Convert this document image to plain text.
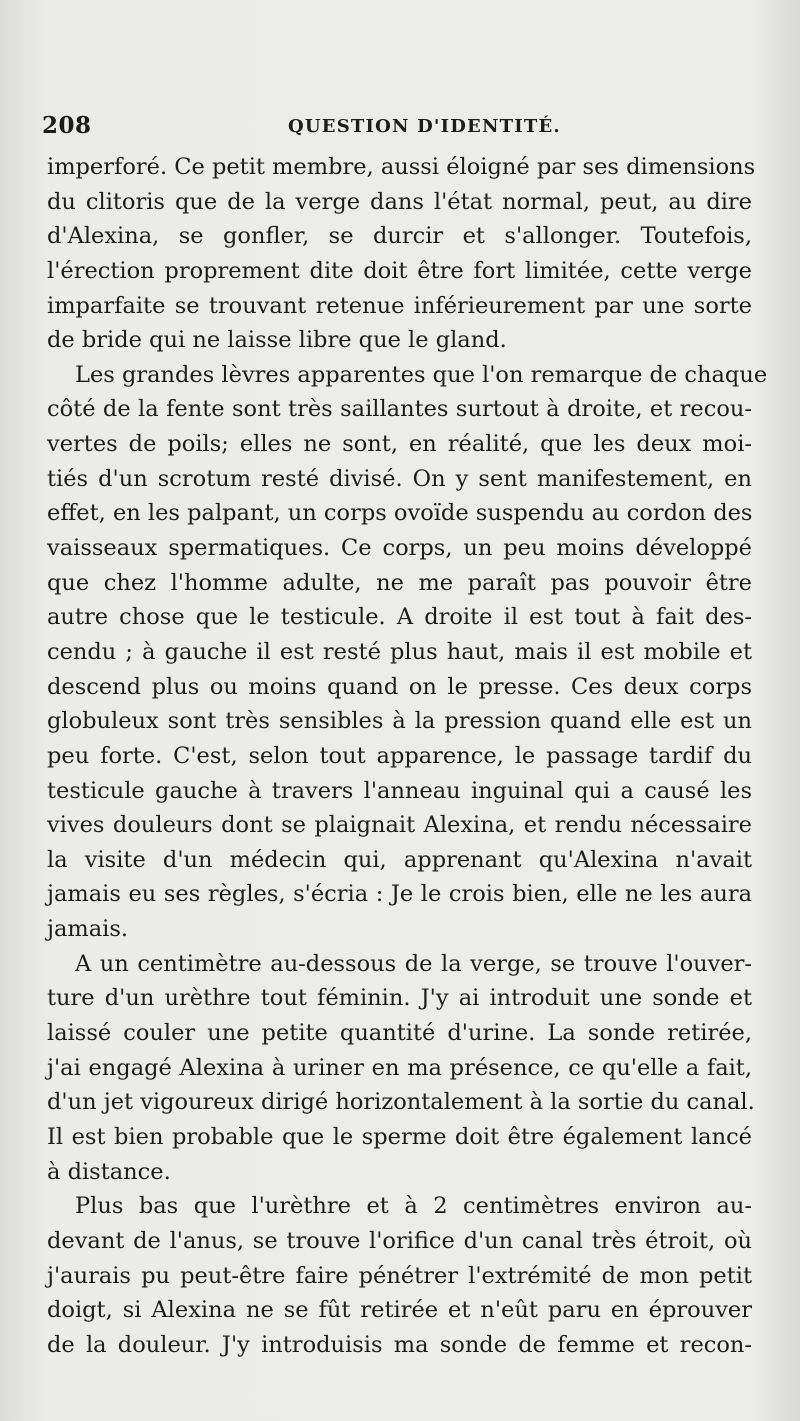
208	QUESTION D'IDENTITÉ.

imperforé. Ce petit membre, aussi éloigné par ses dimensions
du clitoris que de la verge dans l'état normal, peut, au dire
d'Alexina, se gonfler, se durcir et s'allonger. Toutefois,
l'érection proprement dite doit être fort limitée, cette verge
imparfaite se trouvant retenue inférieurement par une sorte
de bride qui ne laisse libre que le gland.

Les grandes lèvres apparentes que l'on remarque de chaque
côté de la fente sont très saillantes surtout à droite, et recou-
vertes de poils; elles ne sont, en réalité, que les deux moi-
tiés d'un scrotum resté divisé. On y sent manifestement, en
effet, en les palpant, un corps ovoïde suspendu au cordon des
vaisseaux spermatiques. Ce corps, un peu moins développé
que chez l'homme adulte, ne me paraît pas pouvoir être
autre chose que le testicule. A droite il est tout à fait des-
cendu ; à gauche il est resté plus haut, mais il est mobile et
descend plus ou moins quand on le presse. Ces deux corps
globuleux sont très sensibles à la pression quand elle est un
peu forte. C'est, selon tout apparence, le passage tardif du
testicule gauche à travers l'anneau inguinal qui a causé les
vives douleurs dont se plaignait Alexina, et rendu nécessaire
la visite d'un médecin qui, apprenant qu'Alexina n'avait
jamais eu ses règles, s'écria : Je le crois bien, elle ne les aura
jamais.

A un centimètre au-dessous de la verge, se trouve l'ouver-
ture d'un urèthre tout féminin. J'y ai introduit une sonde et
laissé couler une petite quantité d'urine. La sonde retirée,
j'ai engagé Alexina à uriner en ma présence, ce qu'elle a fait,
d'un jet vigoureux dirigé horizontalement à la sortie du canal.
Il est bien probable que le sperme doit être également lancé
à distance.

Plus bas que l'urèthre et à 2 centimètres environ au-
devant de l'anus, se trouve l'orifice d'un canal très étroit, où
j'aurais pu peut-être faire pénétrer l'extrémité de mon petit
doigt, si Alexina ne se fût retirée et n'eût paru en éprouver
de la douleur. J'y introduisis ma sonde de femme et recon-
